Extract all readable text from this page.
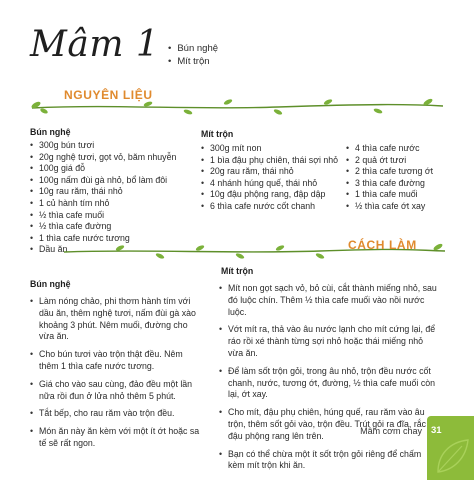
Mâm 1
•	Bún nghệ
• Mít trộn
NGUYÊN LIỆU
Bún nghệ
• 300g bún tươi
• 20g nghệ tươi, gọt vỏ, băm nhuyễn
• 100g giá đỗ
• 100g nấm đùi gà nhỏ, bổ làm đôi
• 10g rau răm, thái nhỏ
• 1 củ hành tím nhỏ
• ½ thìa cafe muối
• ½ thìa cafe đường
• 1 thìa cafe nước tương
• Dầu ăn
Mít trộn
• 300g mít non
• 1 bìa đậu phụ chiên, thái sợi nhỏ
• 20g rau răm, thái nhỏ
• 4 nhánh húng quế, thái nhỏ
• 10g đậu phộng rang, đập dập
• 6 thìa cafe nước cốt chanh
• 4 thìa cafe nước
• 2 quả ớt tươi
• 2 thìa cafe tương ớt
• 3 thìa cafe đường
• 1 thìa cafe muối
• ½ thìa cafe ớt xay
CÁCH LÀM
Bún nghệ
• Làm nóng chảo, phi thơm hành tím với dầu ăn, thêm nghệ tươi, nấm đùi gà xào khoảng 3 phút. Nêm muối, đường cho vừa ăn.
• Cho bún tươi vào trộn thật đều. Nêm thêm 1 thìa cafe nước tương.
• Giá cho vào sau cùng, đảo đều một lần nữa rồi đun ở lửa nhỏ thêm 5 phút.
• Tắt bếp, cho rau răm vào trộn đều.
• Món ăn này ăn kèm với một ít ớt hoặc sa tế sẽ rất ngon.
Mít trộn
• Mít non gọt sạch vỏ, bỏ cùi, cắt thành miếng nhỏ, sau đó luộc chín. Thêm ½ thìa cafe muối vào nồi nước luộc.
• Vớt mít ra, thả vào âu nước lạnh cho mít cứng lại, để ráo rồi xé thành từng sợi nhỏ hoặc thái miếng nhỏ vừa ăn.
• Để làm sốt trộn gỏi, trong âu nhỏ, trộn đều nước cốt chanh, nước, tương ớt, đường, ½ thìa cafe muối còn lại, ớt xay.
• Cho mít, đậu phụ chiên, húng quế, rau răm vào âu trộn, thêm sốt gỏi vào, trộn đều. Trút gỏi ra đĩa, rắc đậu phộng rang lên trên.
• Bạn có thể chừa một ít sốt trộn gỏi riêng để chấm kèm mít trộn khi ăn.
Mâm cơm chay 31
